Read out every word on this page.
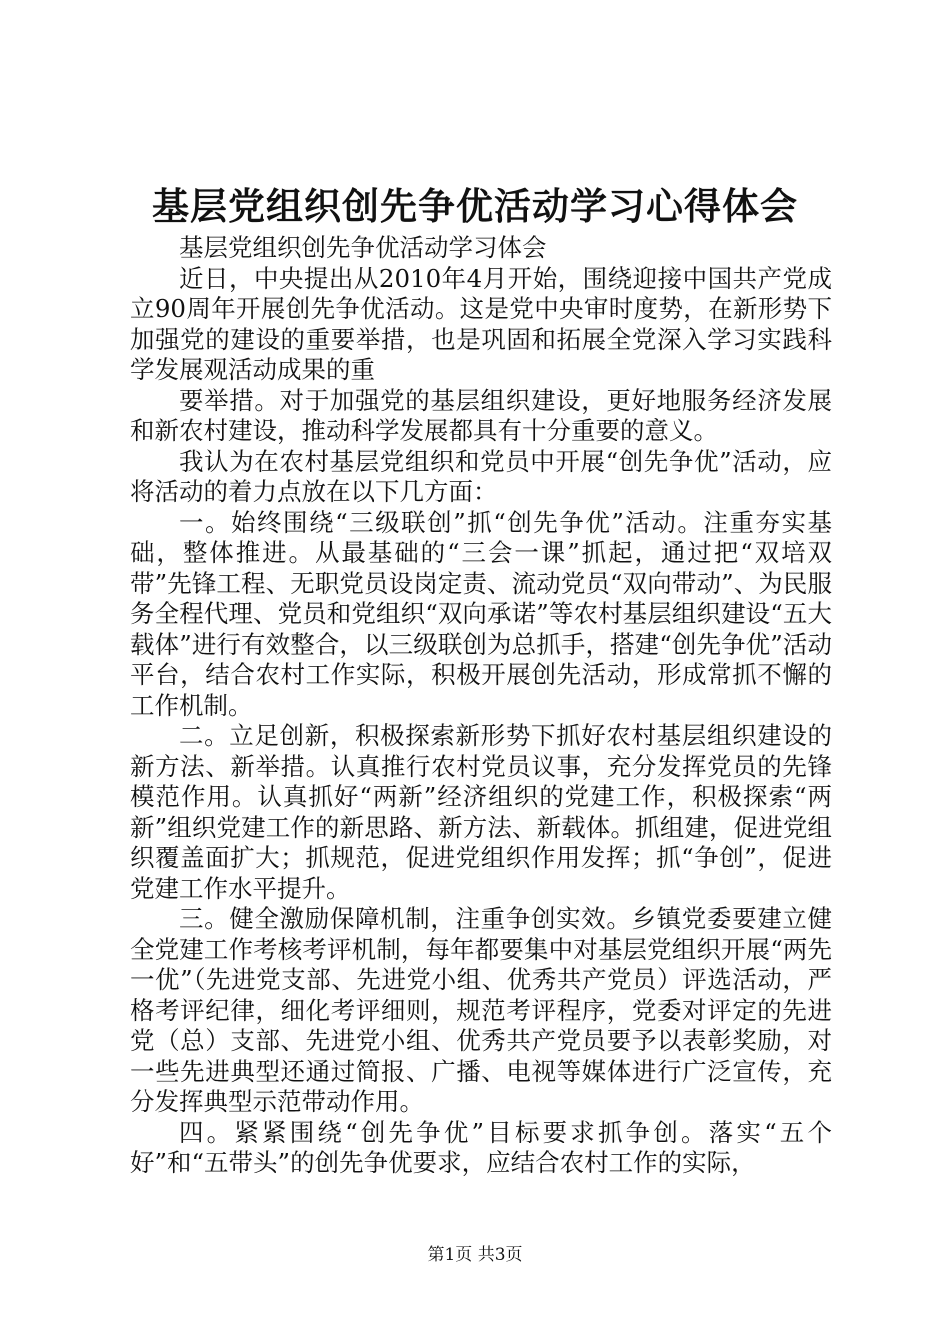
基层党组织创先争优活动学习心得体会

基层党组织创先争优活动学习体会

近日，中央提出从2010年4月开始，围绕迎接中国共产党成立90周年开展创先争优活动。这是党中央审时度势，在新形势下加强党的建设的重要举措，也是巩固和拓展全党深入学习实践科学发展观活动成果的重

要举措。对于加强党的基层组织建设，更好地服务经济发展和新农村建设，推动科学发展都具有十分重要的意义。

我认为在农村基层党组织和党员中开展“创先争优”活动，应将活动的着力点放在以下几方面：

一。始终围绕“三级联创”抓“创先争优”活动。注重夯实基础，整体推进。从最基础的“三会一课”抓起，通过把“双培双带”先锋工程、无职党员设岗定责、流动党员“双向带动”、为民服务全程代理、党员和党组织“双向承诺”等农村基层组织建设“五大载体”进行有效整合，以三级联创为总抓手，搭建“创先争优”活动平台，结合农村工作实际，积极开展创先活动，形成常抓不懈的工作机制。

二。立足创新，积极探索新形势下抓好农村基层组织建设的新方法、新举措。认真推行农村党员议事，充分发挥党员的先锋模范作用。认真抓好“两新”经济组织的党建工作，积极探索“两新”组织党建工作的新思路、新方法、新载体。抓组建，促进党组织覆盖面扩大；抓规范，促进党组织作用发挥；抓“争创”，促进党建工作水平提升。

三。健全激励保障机制，注重争创实效。乡镇党委要建立健全党建工作考核考评机制，每年都要集中对基层党组织开展“两先一优”（先进党支部、先进党小组、优秀共产党员）评选活动，严格考评纪律，细化考评细则，规范考评程序，党委对评定的先进党（总）支部、先进党小组、优秀共产党员要予以表彰奖励，对一些先进典型还通过简报、广播、电视等媒体进行广泛宣传，充分发挥典型示范带动作用。

四。紧紧围绕“创先争优”目标要求抓争创。落实“五个好”和“五带头”的创先争优要求，应结合农村工作的实际，

第1页 共3页
